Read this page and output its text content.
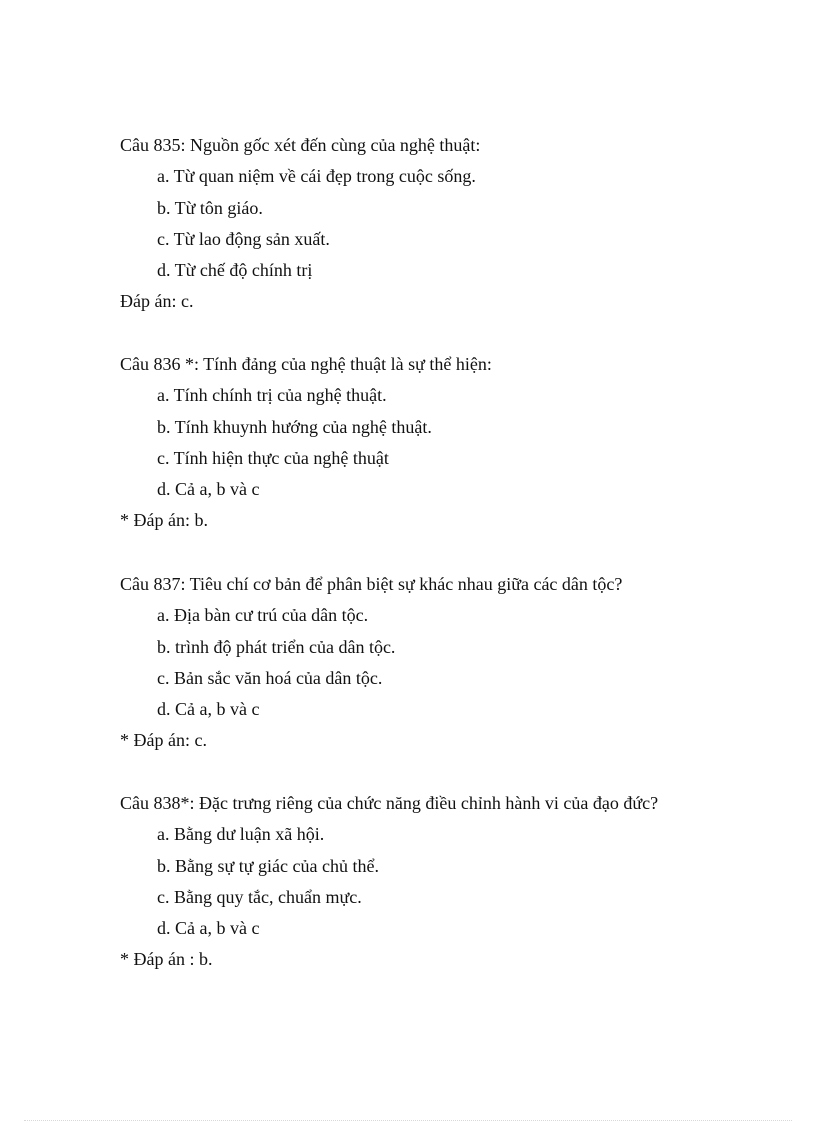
Câu 835: Nguồn gốc xét đến cùng của nghệ thuật:
a. Từ quan niệm về cái đẹp trong cuộc sống.
b. Từ tôn giáo.
c. Từ lao động sản xuất.
d. Từ chế độ chính trị
Đáp án: c.
Câu 836 *: Tính đảng của nghệ thuật là sự thể hiện:
a. Tính chính trị của nghệ thuật.
b. Tính khuynh hướng của nghệ thuật.
c. Tính hiện thực của nghệ thuật
d. Cả a, b và c
* Đáp án: b.
Câu 837: Tiêu chí cơ bản để phân biệt sự khác nhau giữa các dân tộc?
a. Địa bàn cư trú của dân tộc.
b. trình độ phát triển của dân tộc.
c. Bản sắc văn hoá của dân tộc.
d. Cả a, b và c
* Đáp án: c.
Câu 838*: Đặc trưng riêng của chức năng điều chỉnh hành vi của đạo đức?
a. Bằng dư luận xã hội.
b. Bằng sự tự giác của chủ thể.
c. Bằng quy tắc, chuẩn mực.
d. Cả a, b và c
* Đáp án : b.
